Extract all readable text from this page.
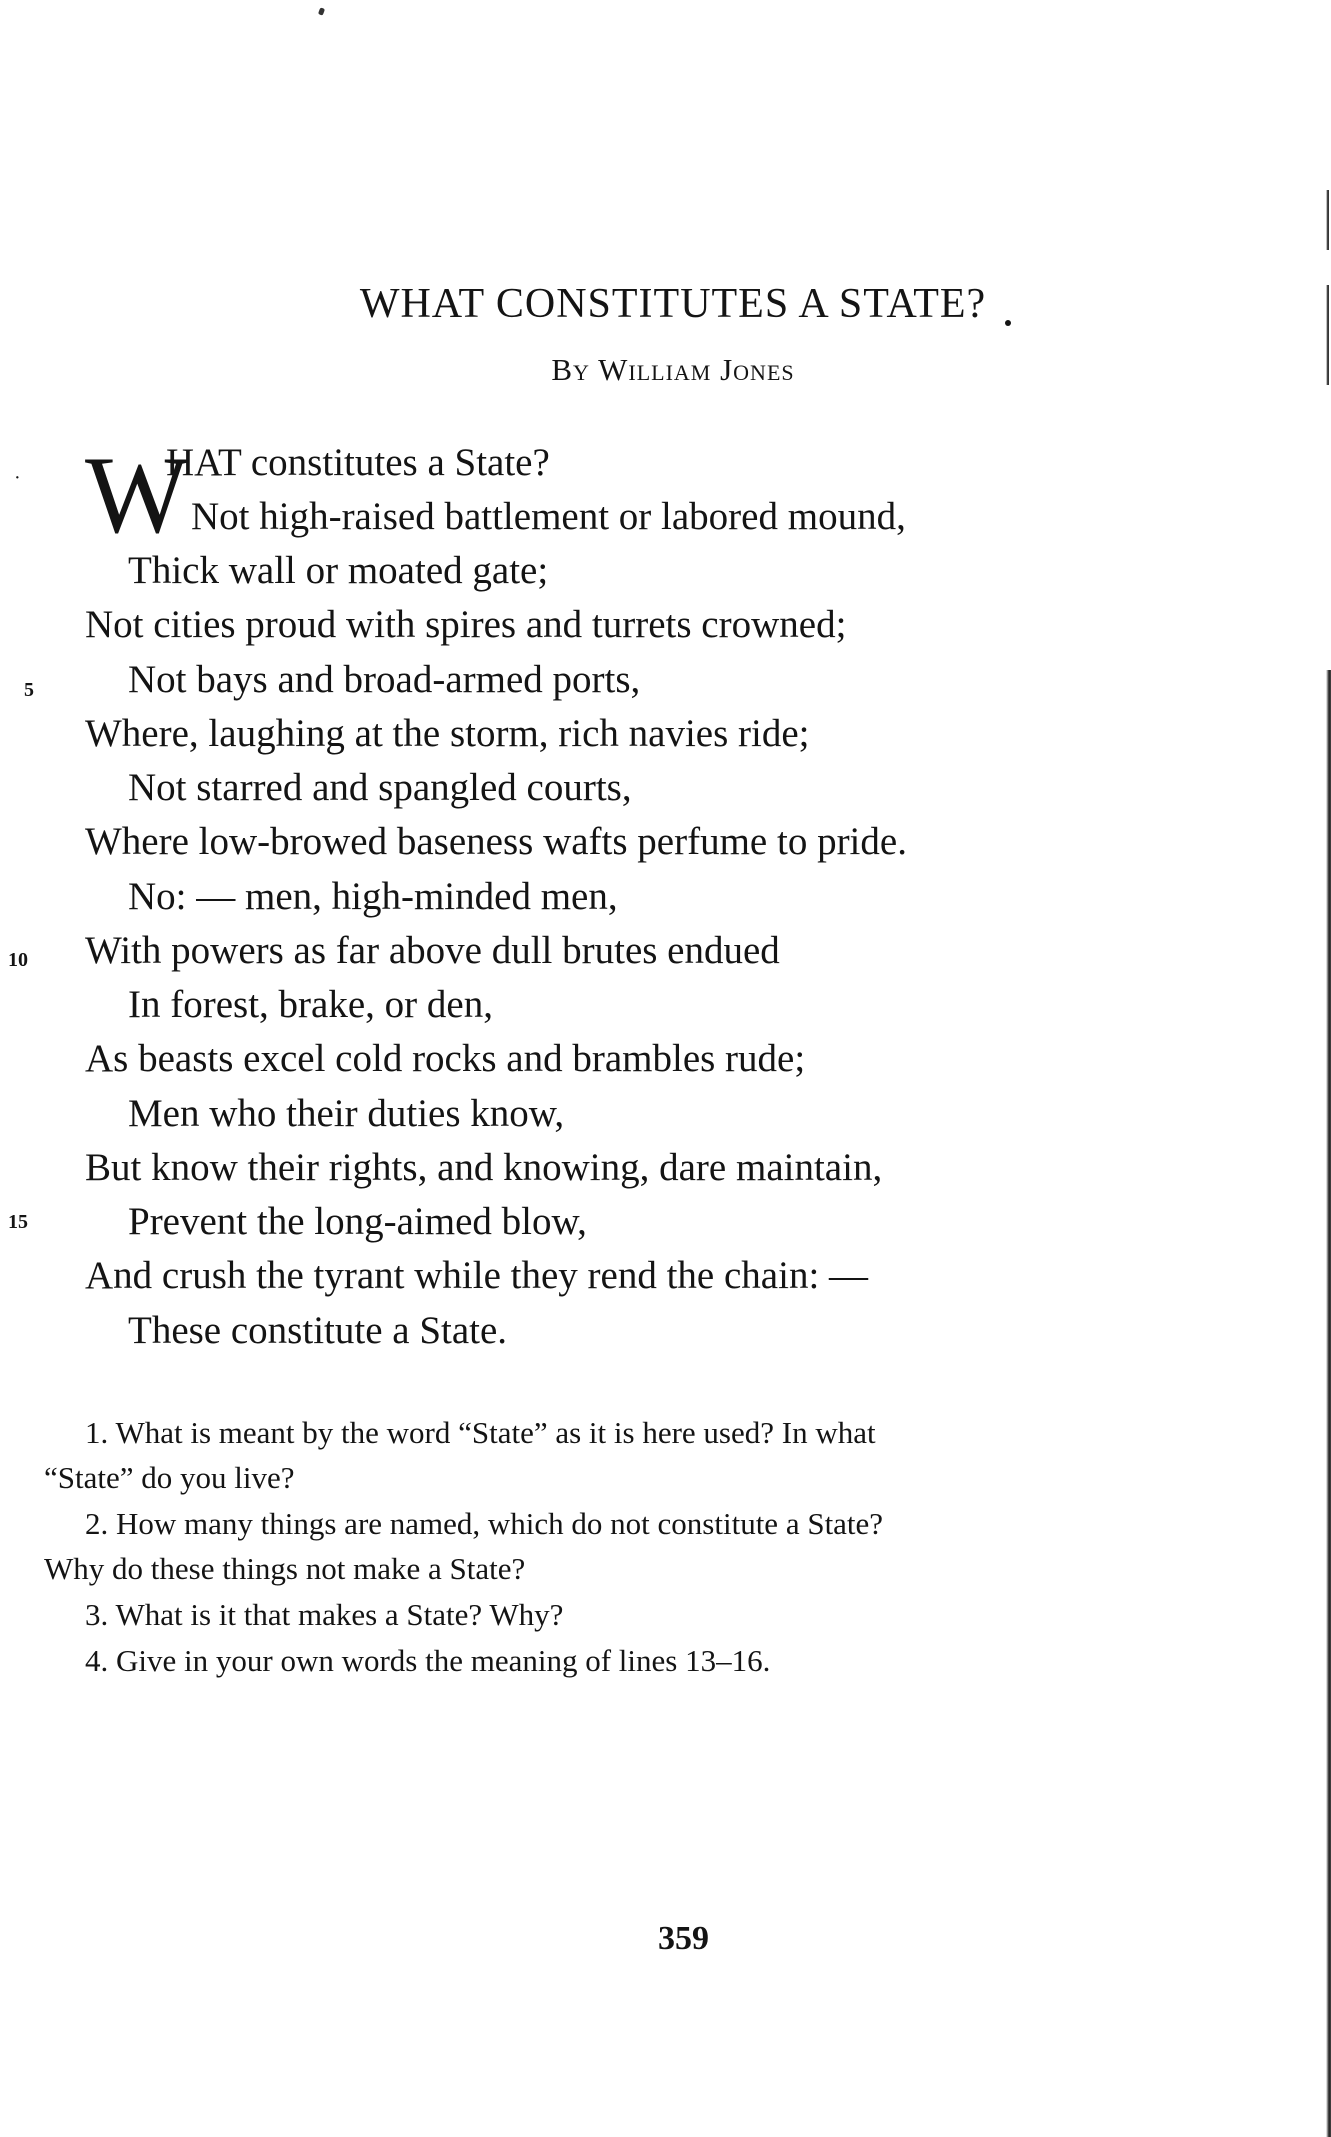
WHAT CONSTITUTES A STATE?
By William Jones
W
·
5
HAT constitutes a State?
Not high-raised battlement or labored mound,
Thick wall or moated gate;
Not cities proud with spires and turrets crowned;
Not bays and broad-armed ports,
Where, laughing at the storm, rich navies ride;
Not starred and spangled courts,
Where low-browed baseness wafts perfume to pride.
No: — men, high-minded men,
10 With powers as far above dull brutes endued
In forest, brake, or den,
As beasts excel cold rocks and brambles rude;
Men who their duties know,
But know their rights, and knowing, dare maintain,
15	Prevent the long-aimed blow,
And crush the tyrant while they rend the chain: —
These constitute a State.
1. What is meant by the word “State” as it is here used? In what
“State” do you live?
2. How many things are named, which do not constitute a State?
Why do these things not make a State?
3. What is it that makes a State? Why?
4. Give in your own words the meaning of lines 13–16.
359
